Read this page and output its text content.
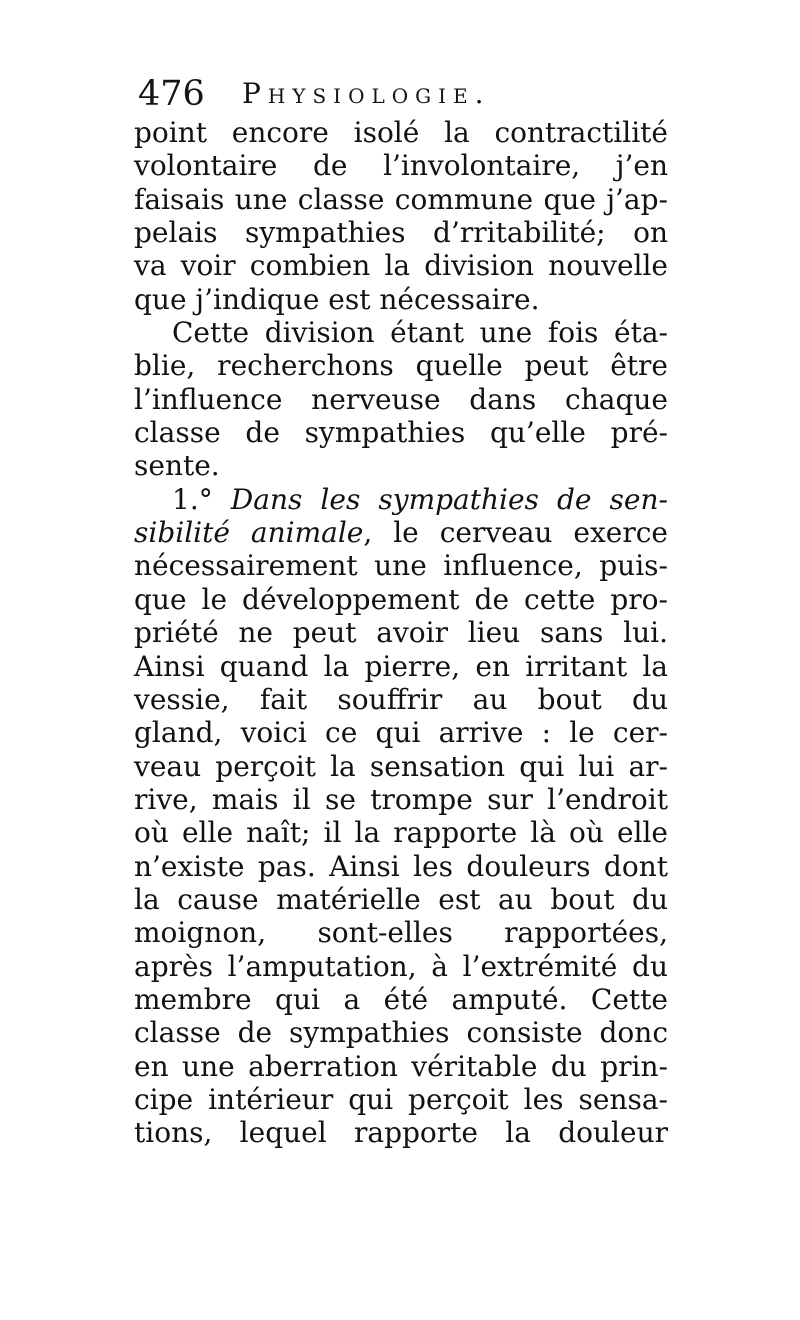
476 Physiologie.
point encore isolé la contractilité
volontaire de l’involontaire, j’en
faisais une classe commune que j’ap-
pelais sympathies d’rritabilité; on
va voir combien la division nouvelle
que j’indique est nécessaire.
Cette division étant une fois éta-
blie, recherchons quelle peut être
l’influence nerveuse dans chaque
classe de sympathies qu’elle pré-
sente.
1.° Dans les sympathies de sen-
sibilité animale, le cerveau exerce
nécessairement une influence, puis-
que le développement de cette pro-
priété ne peut avoir lieu sans lui.
Ainsi quand la pierre, en irritant la
vessie, fait souffrir au bout du
gland, voici ce qui arrive : le cer-
veau perçoit la sensation qui lui ar-
rive, mais il se trompe sur l’endroit
où elle naît; il la rapporte là où elle
n’existe pas. Ainsi les douleurs dont
la cause matérielle est au bout du
moignon, sont-elles rapportées,
après l’amputation, à l’extrémité du
membre qui a été amputé. Cette
classe de sympathies consiste donc
en une aberration véritable du prin-
cipe intérieur qui perçoit les sensa-
tions, lequel rapporte la douleur
